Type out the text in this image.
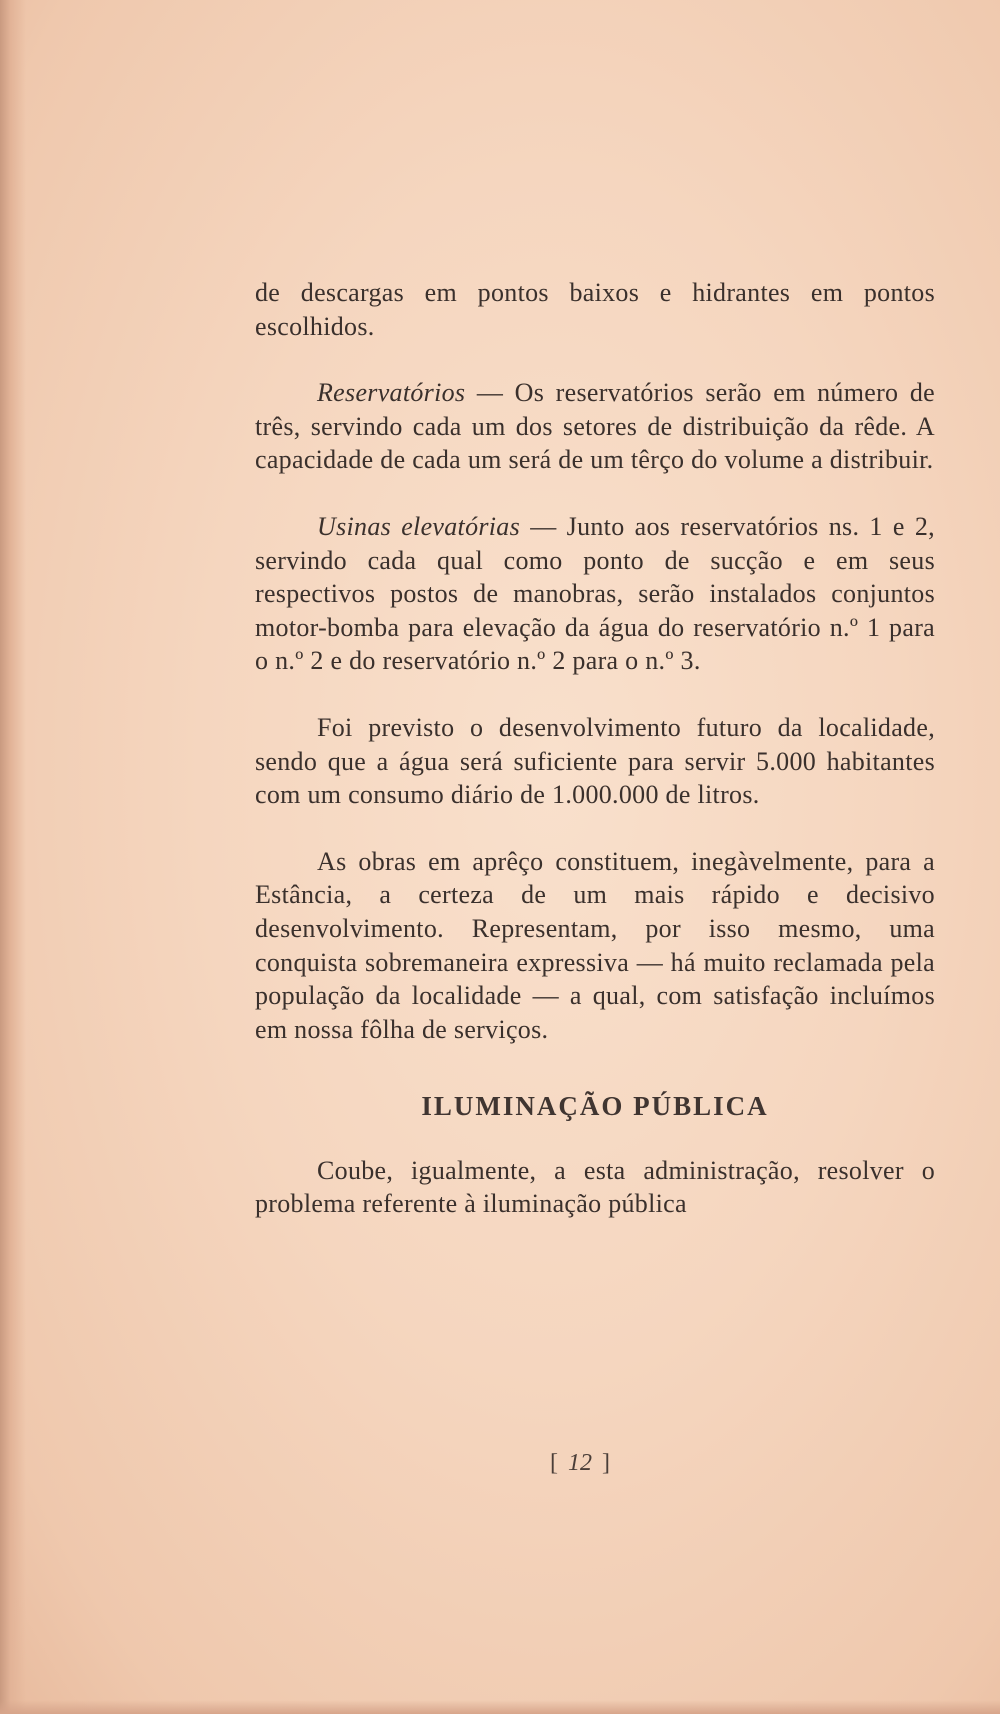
de descargas em pontos baixos e hidrantes em pontos escolhidos.

Reservatórios — Os reservatórios serão em número de três, servindo cada um dos setores de distribuição da rêde. A capacidade de cada um será de um têrço do volume a distribuir.

Usinas elevatórias — Junto aos reservatórios ns. 1 e 2, servindo cada qual como ponto de sucção e em seus respectivos postos de manobras, serão instalados conjuntos motor-bomba para elevação da água do reservatório n.º 1 para o n.º 2 e do reservatório n.º 2 para o n.º 3.

Foi previsto o desenvolvimento futuro da localidade, sendo que a água será suficiente para servir 5.000 habitantes com um consumo diário de 1.000.000 de litros.

As obras em aprêço constituem, inegàvelmente, para a Estância, a certeza de um mais rápido e decisivo desenvolvimento. Representam, por isso mesmo, uma conquista sobremaneira expressiva — há muito reclamada pela população da localidade — a qual, com satisfação incluímos em nossa fôlha de serviços.

ILUMINAÇÃO PÚBLICA

Coube, igualmente, a esta administração, resolver o problema referente à iluminação pública

[ 12 ]
